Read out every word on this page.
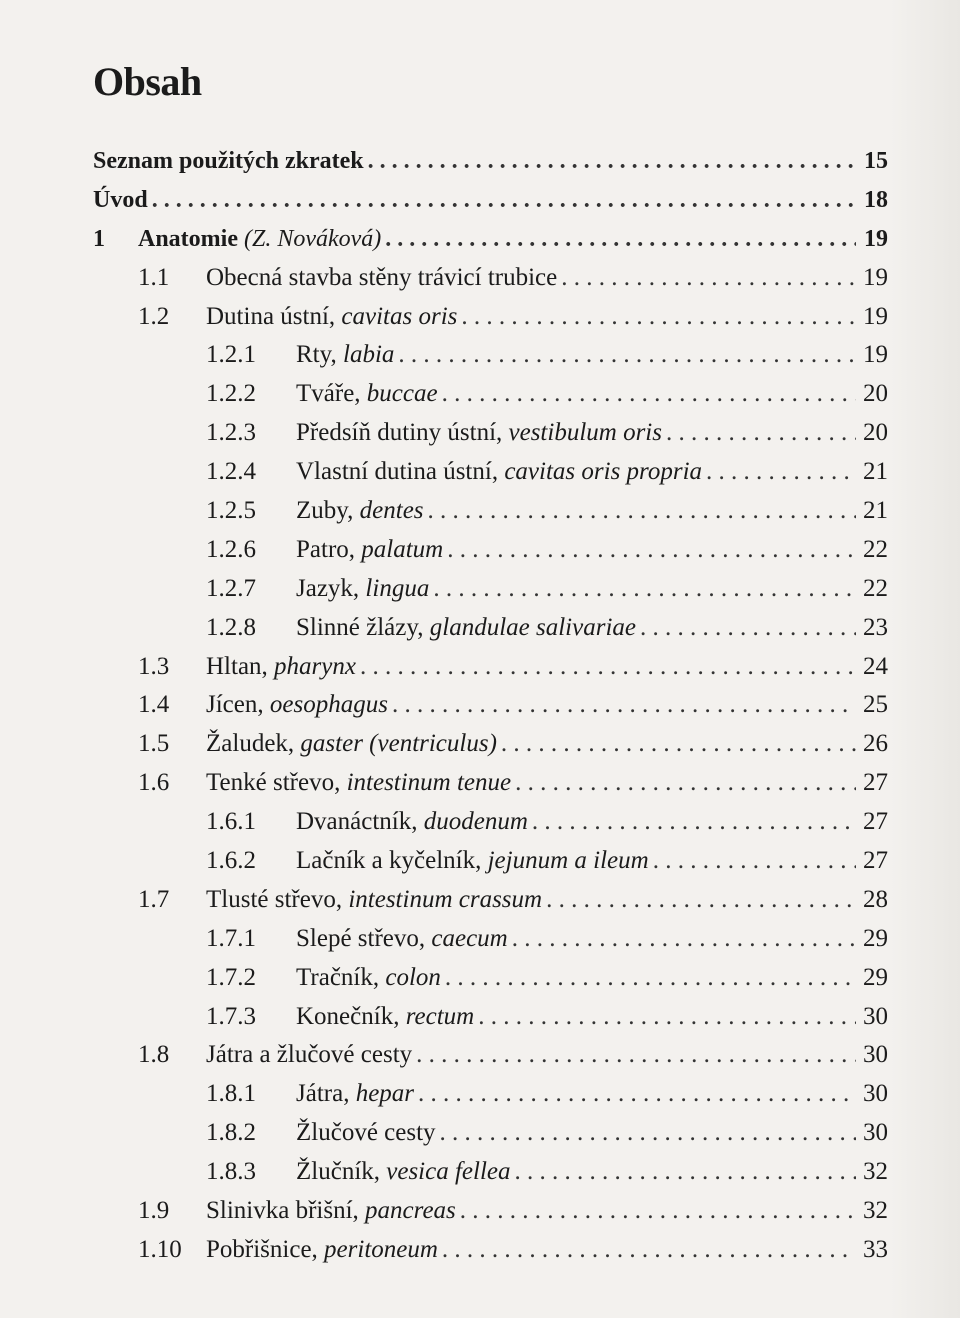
Obsah
Seznam použitých zkratek . . .	15
Úvod . . .	18
1	Anatomie (Z. Nováková) . . .	19
1.1	Obecná stavba stěny trávicí trubice . . .	19
1.2	Dutina ústní, cavitas oris . . .	19
1.2.1	Rty, labia . . .	19
1.2.2	Tváře, buccae . . .	20
1.2.3	Předsíň dutiny ústní, vestibulum oris . . .	20
1.2.4	Vlastní dutina ústní, cavitas oris propria . . .	21
1.2.5	Zuby, dentes . . .	21
1.2.6	Patro, palatum . . .	22
1.2.7	Jazyk, lingua . . .	22
1.2.8	Slinné žlázy, glandulae salivariae . . .	23
1.3	Hltan, pharynx . . .	24
1.4	Jícen, oesophagus . . .	25
1.5	Žaludek, gaster (ventriculus) . . .	26
1.6	Tenké střevo, intestinum tenue . . .	27
1.6.1	Dvanáctník, duodenum . . .	27
1.6.2	Lačník a kyčelník, jejunum a ileum . . .	27
1.7	Tlusté střevo, intestinum crassum . . .	28
1.7.1	Slepé střevo, caecum . . .	29
1.7.2	Tračník, colon . . .	29
1.7.3	Konečník, rectum . . .	30
1.8	Játra a žlučové cesty . . .	30
1.8.1	Játra, hepar . . .	30
1.8.2	Žlučové cesty . . .	30
1.8.3	Žlučník, vesica fellea . . .	32
1.9	Slinivka břišní, pancreas . . .	32
1.10 Pobřišnice, peritoneum . . .	33
